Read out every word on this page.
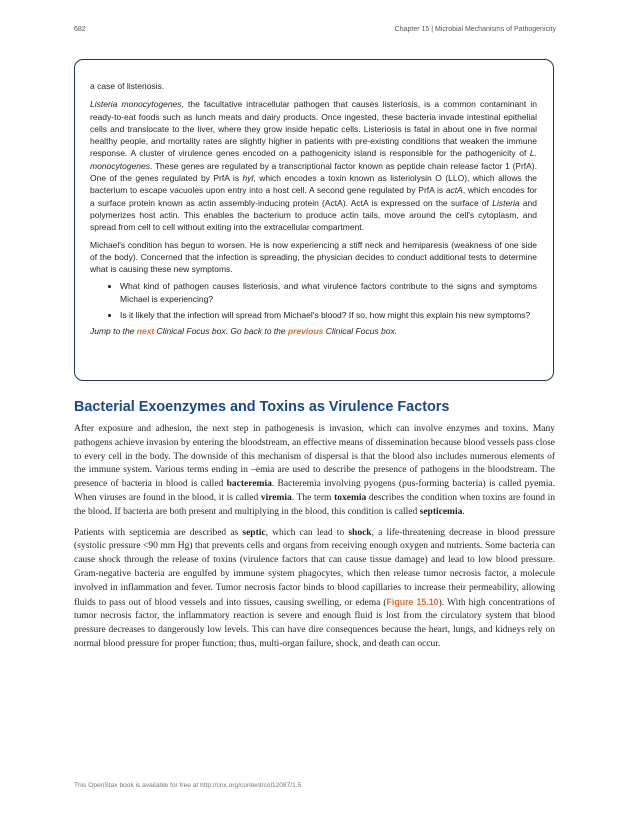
682	Chapter 15 | Microbial Mechanisms of Pathogenicity

a case of listeriosis.

Listeria monocytogenes, the facultative intracellular pathogen that causes listeriosis, is a common contaminant in ready-to-eat foods such as lunch meats and dairy products. Once ingested, these bacteria invade intestinal epithelial cells and translocate to the liver, where they grow inside hepatic cells. Listeriosis is fatal in about one in five normal healthy people, and mortality rates are slightly higher in patients with pre-existing conditions that weaken the immune response. A cluster of virulence genes encoded on a pathogenicity island is responsible for the pathogenicity of L. monocytogenes. These genes are regulated by a transcriptional factor known as peptide chain release factor 1 (PrfA). One of the genes regulated by PrfA is hyl, which encodes a toxin known as listeriolysin O (LLO), which allows the bacterium to escape vacuoles upon entry into a host cell. A second gene regulated by PrfA is actA, which encodes for a surface protein known as actin assembly-inducing protein (ActA). ActA is expressed on the surface of Listeria and polymerizes host actin. This enables the bacterium to produce actin tails, move around the cell's cytoplasm, and spread from cell to cell without exiting into the extracellular compartment.

Michael's condition has begun to worsen. He is now experiencing a stiff neck and hemiparesis (weakness of one side of the body). Concerned that the infection is spreading, the physician decides to conduct additional tests to determine what is causing these new symptoms.

• What kind of pathogen causes listeriosis, and what virulence factors contribute to the signs and symptoms Michael is experiencing?
• Is it likely that the infection will spread from Michael's blood? If so, how might this explain his new symptoms?

Jump to the next Clinical Focus box. Go back to the previous Clinical Focus box.

Bacterial Exoenzymes and Toxins as Virulence Factors

After exposure and adhesion, the next step in pathogenesis is invasion, which can involve enzymes and toxins. Many pathogens achieve invasion by entering the bloodstream, an effective means of dissemination because blood vessels pass close to every cell in the body. The downside of this mechanism of dispersal is that the blood also includes numerous elements of the immune system. Various terms ending in –emia are used to describe the presence of pathogens in the bloodstream. The presence of bacteria in blood is called bacteremia. Bacteremia involving pyogens (pus-forming bacteria) is called pyemia. When viruses are found in the blood, it is called viremia. The term toxemia describes the condition when toxins are found in the blood. If bacteria are both present and multiplying in the blood, this condition is called septicemia.

Patients with septicemia are described as septic, which can lead to shock, a life-threatening decrease in blood pressure (systolic pressure <90 mm Hg) that prevents cells and organs from receiving enough oxygen and nutrients. Some bacteria can cause shock through the release of toxins (virulence factors that can cause tissue damage) and lead to low blood pressure. Gram-negative bacteria are engulfed by immune system phagocytes, which then release tumor necrosis factor, a molecule involved in inflammation and fever. Tumor necrosis factor binds to blood capillaries to increase their permeability, allowing fluids to pass out of blood vessels and into tissues, causing swelling, or edema (Figure 15.10). With high concentrations of tumor necrosis factor, the inflammatory reaction is severe and enough fluid is lost from the circulatory system that blood pressure decreases to dangerously low levels. This can have dire consequences because the heart, lungs, and kidneys rely on normal blood pressure for proper function; thus, multi-organ failure, shock, and death can occur.

This OpenStax book is available for free at http://cnx.org/content/col12087/1.5
